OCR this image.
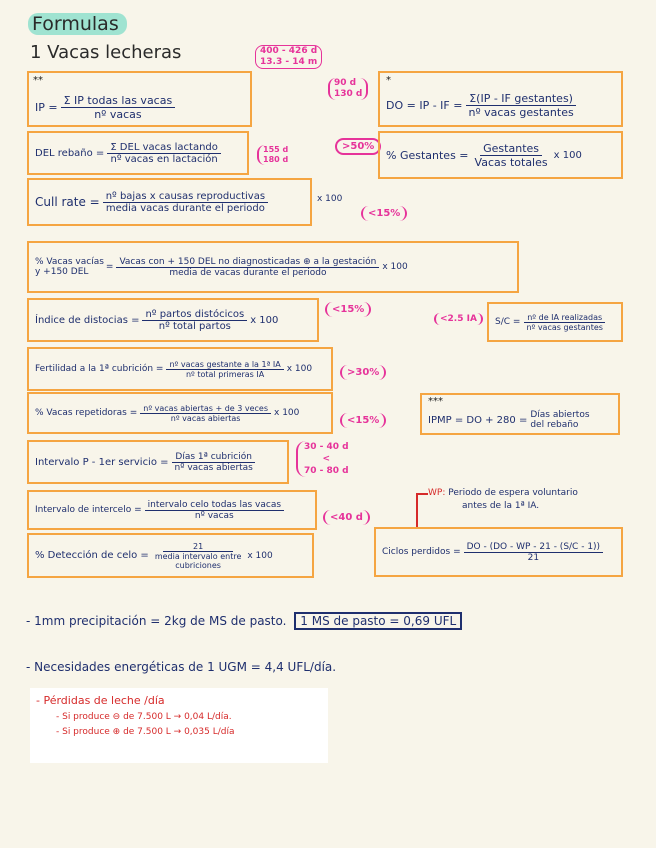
Formulas
1 Vacas lecheras	400 - 426 d
13.3 - 14 m
**
IP = $\frac{\text{Σ IP todas las vacas}}{\text{nº vacas}}$
90 d
130 d
*
DO = IP - IF = $\frac{\text{Σ(IP - IF gestantes)}}{\text{nº vacas gestantes}}$
DEL rebaño = $\frac{\text{Σ DEL vacas lactando}}{\text{nº vacas en lactación}}$	155 d
180 d
>50%
% Gestantes = $\frac{\text{Gestantes}}{\text{Vacas totales}}$ x 100
Cull rate = $\frac{\text{nº bajas x causas reproductivas}}{\text{media vacas durante el periodo}}$	x 100
<15%
% Vacas vacías
y +150 DEL	= $\frac{\text{Vacas con + 150 DEL no diagnosticadas ⊕ a la gestación}}{\text{media de vacas durante el periodo}}$ x 100
Índice de distocias = $\frac{\text{nº partos distócicos}}{\text{nº total partos}}$ x 100
<15%
<2.5 IA	$S/C = \frac{\text{nº de IA realizadas}}{\text{nº vacas gestantes}}$
Fertilidad a la 1ª cubrición = $\frac{\text{nº vacas gestante a la 1ª IA}}{\text{nº total primeras IA}}$ x 100	>30%
% Vacas repetidoras = $\frac{\text{nº vacas abiertas + de 3 veces}}{\text{nº vacas abiertas}}$ x 100
<15%
***
IPMP = DO + 280 = Días abiertos
del rebaño
Intervalo P - 1er servicio = $\frac{\text{Días 1ª cubrición}}{\text{nº vacas abiertas}}$
30 - 40 d
<
70 - 80 d
Intervalo de intercelo = $\frac{\text{intervalo celo todas las vacas}}{\text{nº vacas}}$	<40 d
WP: Periodo de espera voluntario
antes de la 1ª IA.
% Detección de celo = 21
media intervalo entre
cubriciones x 100	Ciclos perdidos = $\frac{DO - (DO - WP - 21 - (S/C - 1))}{21}$
- 1mm precipitación = 2kg de MS de pasto. 1 MS de pasto = 0,69 UFL
- Necesidades energéticas de 1 UGM = 4,4 UFL/día.
- Pérdidas de leche /día
- Si produce ⊖ de 7.500 L → 0,04 L/día.
- Si produce ⊕ de 7.500 L → 0,035 L/día
